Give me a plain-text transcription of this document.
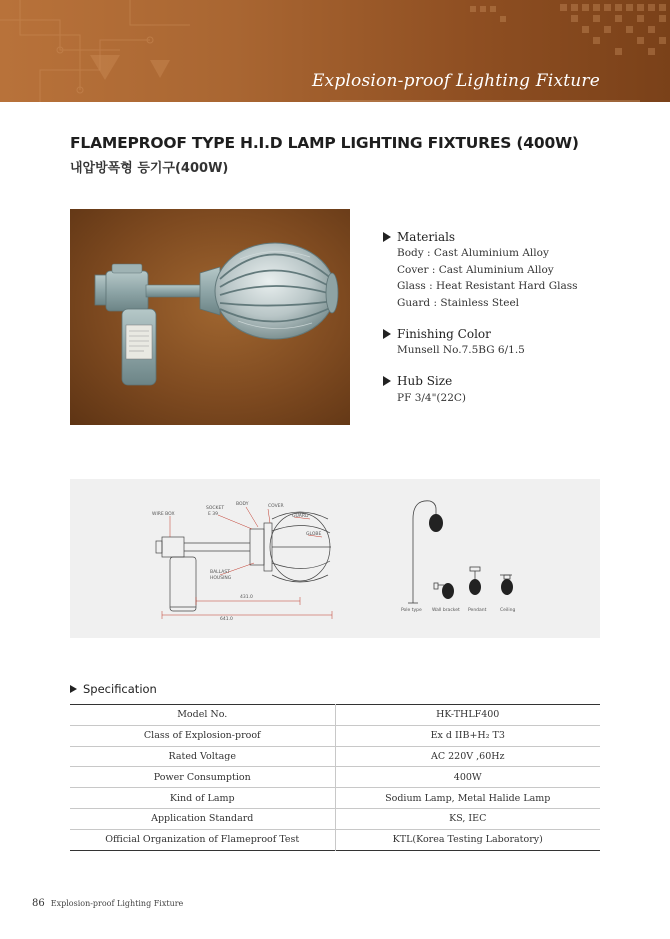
Explosion-proof Lighting Fixture
FLAMEPROOF TYPE H.I.D LAMP LIGHTING FIXTURES (400W)
내압방폭형 등기구(400W)
Materials
Body : Cast Aluminium Alloy
Cover : Cast Aluminium Alloy
Glass : Heat Resistant Hard Glass
Guard : Stainless Steel
Finishing Color
Munsell No.7.5BG 6/1.5
Hub Size
PF 3/4"(22C)
WIRE BOX
SOCKET
E 39
BODY	COVER
GUARD
GLOBE
BALLAST
HOUSING
431.0
641.0
Pole type Wall bracket Pendant	Ceiling
Specification
Model No.	HK-THLF400
Class of Explosion-proof	Ex d IIB+H₂ T3
Rated Voltage	AC 220V ,60Hz
Power Consumption	400W
Kind of Lamp	Sodium Lamp, Metal Halide Lamp
Application Standard	KS, IEC
Official Organization of Flameproof Test	KTL(Korea Testing Laboratory)
86 Explosion-proof Lighting Fixture
